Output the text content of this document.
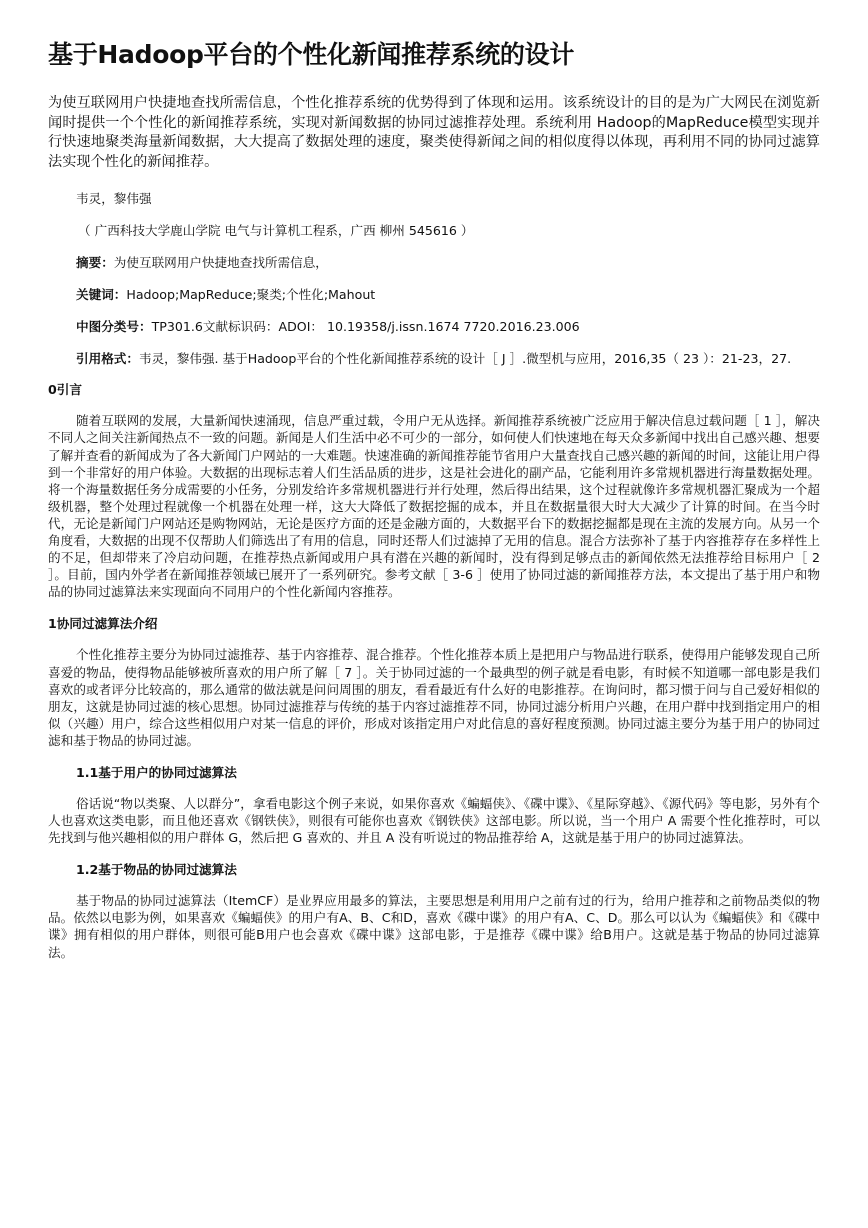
基于Hadoop平台的个性化新闻推荐系统的设计

为使互联网用户快捷地查找所需信息，个性化推荐系统的优势得到了体现和运用。该系统设计的目的是为广大网民在浏览新闻时提供一个个性化的新闻推荐系统，实现对新闻数据的协同过滤推荐处理。系统利用 Hadoop的MapReduce模型实现并行快速地聚类海量新闻数据，大大提高了数据处理的速度，聚类使得新闻之间的相似度得以体现，再利用不同的协同过滤算法实现个性化的新闻推荐。

韦灵，黎伟强

（ 广西科技大学鹿山学院 电气与计算机工程系，广西 柳州 545616 ）

摘要：为使互联网用户快捷地查找所需信息，

关键词：Hadoop;MapReduce;聚类;个性化;Mahout

中图分类号：TP301.6文献标识码：ADOI： 10.19358/j.issn.1674 7720.2016.23.006

引用格式：韦灵，黎伟强. 基于Hadoop平台的个性化新闻推荐系统的设计［ J ］.微型机与应用，2016,35（ 23 ）：21-23，27.

0引言

随着互联网的发展，大量新闻快速涌现，信息严重过载，令用户无从选择。新闻推荐系统被广泛应用于解决信息过载问题［ 1 ］，解决不同人之间关注新闻热点不一致的问题。新闻是人们生活中必不可少的一部分，如何使人们快速地在每天众多新闻中找出自己感兴趣、想要了解并查看的新闻成为了各大新闻门户网站的一大难题。快速准确的新闻推荐能节省用户大量查找自己感兴趣的新闻的时间，这能让用户得到一个非常好的用户体验。大数据的出现标志着人们生活品质的进步，这是社会进化的副产品，它能利用许多常规机器进行海量数据处理。将一个海量数据任务分成需要的小任务，分别发给许多常规机器进行并行处理，然后得出结果，这个过程就像许多常规机器汇聚成为一个超级机器，整个处理过程就像一个机器在处理一样，这大大降低了数据挖掘的成本，并且在数据量很大时大大减少了计算的时间。在当今时代，无论是新闻门户网站还是购物网站，无论是医疗方面的还是金融方面的，大数据平台下的数据挖掘都是现在主流的发展方向。从另一个角度看，大数据的出现不仅帮助人们筛选出了有用的信息，同时还帮人们过滤掉了无用的信息。混合方法弥补了基于内容推荐存在多样性上的不足，但却带来了冷启动问题，在推荐热点新闻或用户具有潜在兴趣的新闻时，没有得到足够点击的新闻依然无法推荐给目标用户［ 2 ］。目前，国内外学者在新闻推荐领域已展开了一系列研究。参考文献［ 3-6 ］使用了协同过滤的新闻推荐方法，本文提出了基于用户和物品的协同过滤算法来实现面向不同用户的个性化新闻内容推荐。

1协同过滤算法介绍

个性化推荐主要分为协同过滤推荐、基于内容推荐、混合推荐。个性化推荐本质上是把用户与物品进行联系，使得用户能够发现自己所喜爱的物品，使得物品能够被所喜欢的用户所了解［ 7 ］。关于协同过滤的一个最典型的例子就是看电影，有时候不知道哪一部电影是我们喜欢的或者评分比较高的，那么通常的做法就是问问周围的朋友，看看最近有什么好的电影推荐。在询问时，都习惯于问与自己爱好相似的朋友，这就是协同过滤的核心思想。协同过滤推荐与传统的基于内容过滤推荐不同，协同过滤分析用户兴趣，在用户群中找到指定用户的相似（兴趣）用户，综合这些相似用户对某一信息的评价，形成对该指定用户对此信息的喜好程度预测。协同过滤主要分为基于用户的协同过滤和基于物品的协同过滤。

1.1基于用户的协同过滤算法

俗话说“物以类聚、人以群分”，拿看电影这个例子来说，如果你喜欢《蝙蝠侠》、《碟中谍》、《星际穿越》、《源代码》等电影，另外有个人也喜欢这类电影，而且他还喜欢《钢铁侠》，则很有可能你也喜欢《钢铁侠》这部电影。所以说，当一个用户 A 需要个性化推荐时，可以先找到与他兴趣相似的用户群体 G，然后把 G 喜欢的、并且 A 没有听说过的物品推荐给 A，这就是基于用户的协同过滤算法。

1.2基于物品的协同过滤算法

基于物品的协同过滤算法（ItemCF）是业界应用最多的算法，主要思想是利用用户之前有过的行为，给用户推荐和之前物品类似的物品。依然以电影为例，如果喜欢《蝙蝠侠》的用户有A、B、C和D，喜欢《碟中谍》的用户有A、C、D。那么可以认为《蝙蝠侠》和《碟中谍》拥有相似的用户群体，则很可能B用户也会喜欢《碟中谍》这部电影，于是推荐《碟中谍》给B用户。这就是基于物品的协同过滤算法。
